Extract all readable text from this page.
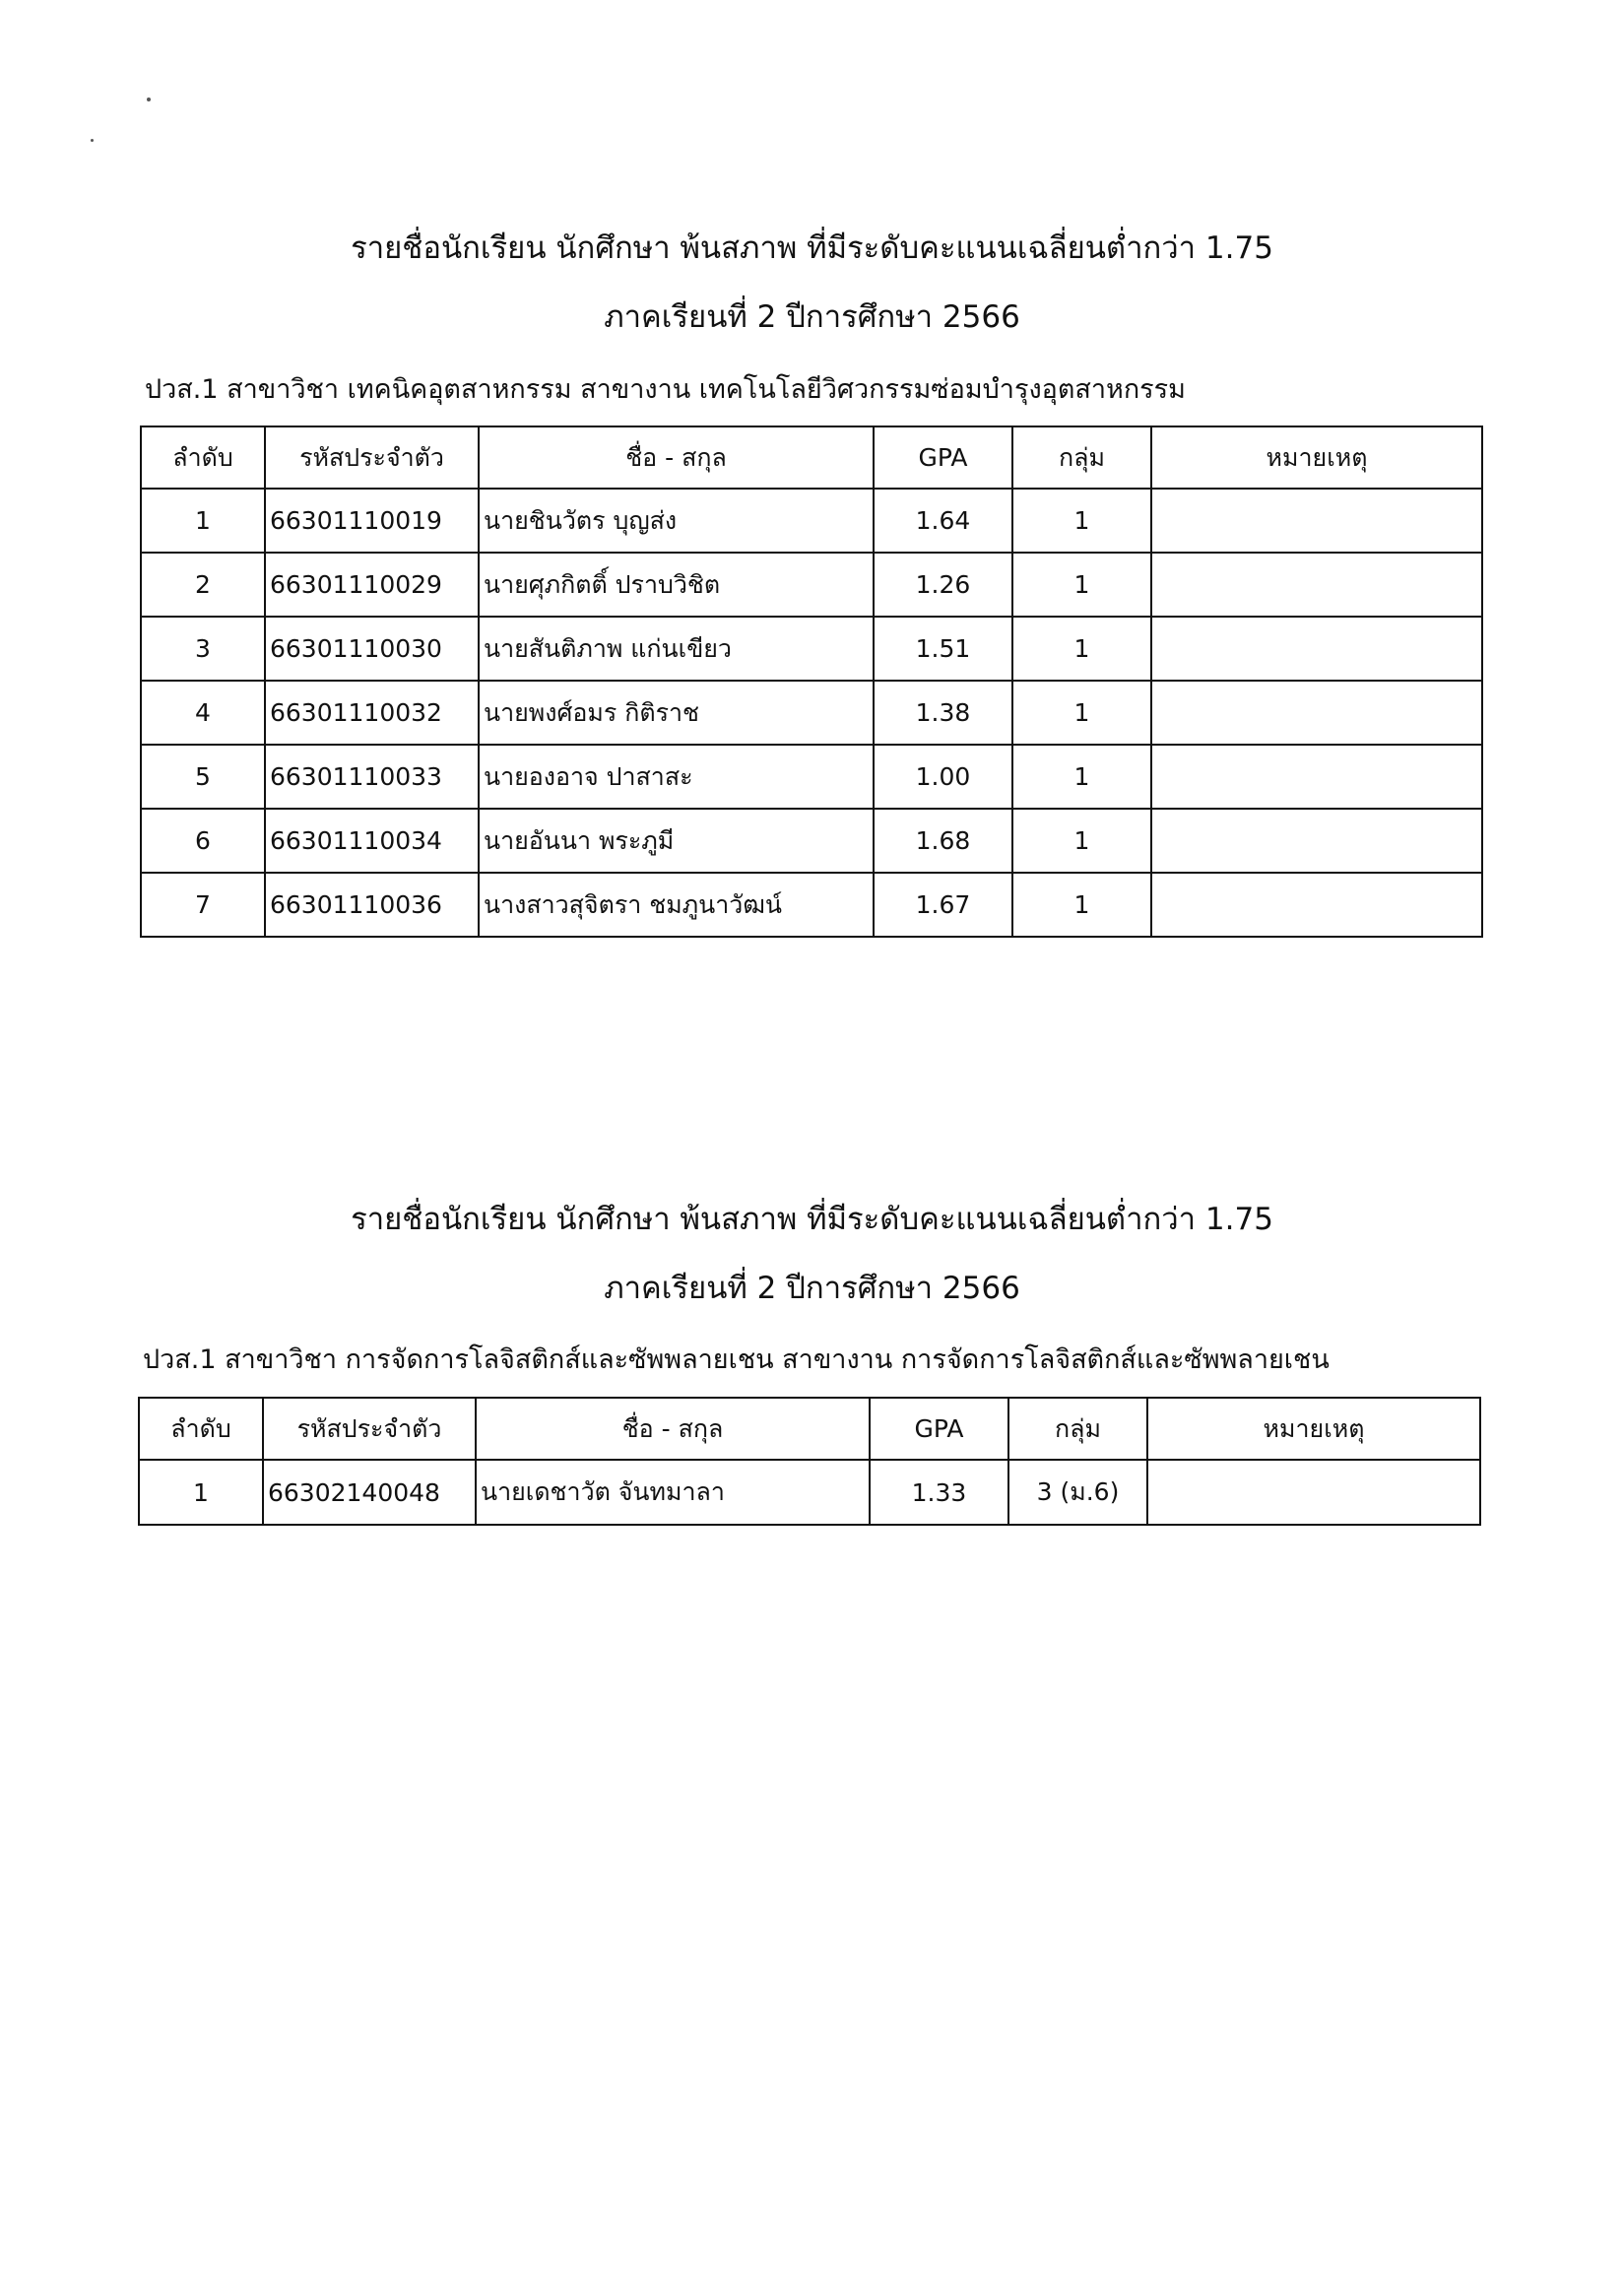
รายชื่อนักเรียน นักศึกษา พ้นสภาพ ที่มีระดับคะแนนเฉลี่ยนต่ำกว่า 1.75
ภาคเรียนที่ 2 ปีการศึกษา 2566
ปวส.1 สาขาวิชา เทคนิคอุตสาหกรรม สาขางาน เทคโนโลยีวิศวกรรมซ่อมบำรุงอุตสาหกรรม
ลำดับ	รหัสประจำตัว	ชื่อ - สกุล	GPA	กลุ่ม	หมายเหตุ
1	66301110019	นายชินวัตร บุญส่ง	1.64	1	
2	66301110029	นายศุภกิตติ์ ปราบวิชิต	1.26	1	
3	66301110030	นายสันติภาพ แก่นเขียว	1.51	1	
4	66301110032	นายพงศ์อมร กิติราช	1.38	1	
5	66301110033	นายองอาจ ปาสาสะ	1.00	1	
6	66301110034	นายอันนา พระภูมี	1.68	1	
7	66301110036	นางสาวสุจิตรา ชมภูนาวัฒน์	1.67	1	
รายชื่อนักเรียน นักศึกษา พ้นสภาพ ที่มีระดับคะแนนเฉลี่ยนต่ำกว่า 1.75
ภาคเรียนที่ 2 ปีการศึกษา 2566
ปวส.1 สาขาวิชา การจัดการโลจิสติกส์และซัพพลายเชน สาขางาน การจัดการโลจิสติกส์และซัพพลายเชน
ลำดับ	รหัสประจำตัว	ชื่อ - สกุล	GPA	กลุ่ม	หมายเหตุ
1	66302140048	นายเดชาวัต จันทมาลา	1.33	3 (ม.6)	
